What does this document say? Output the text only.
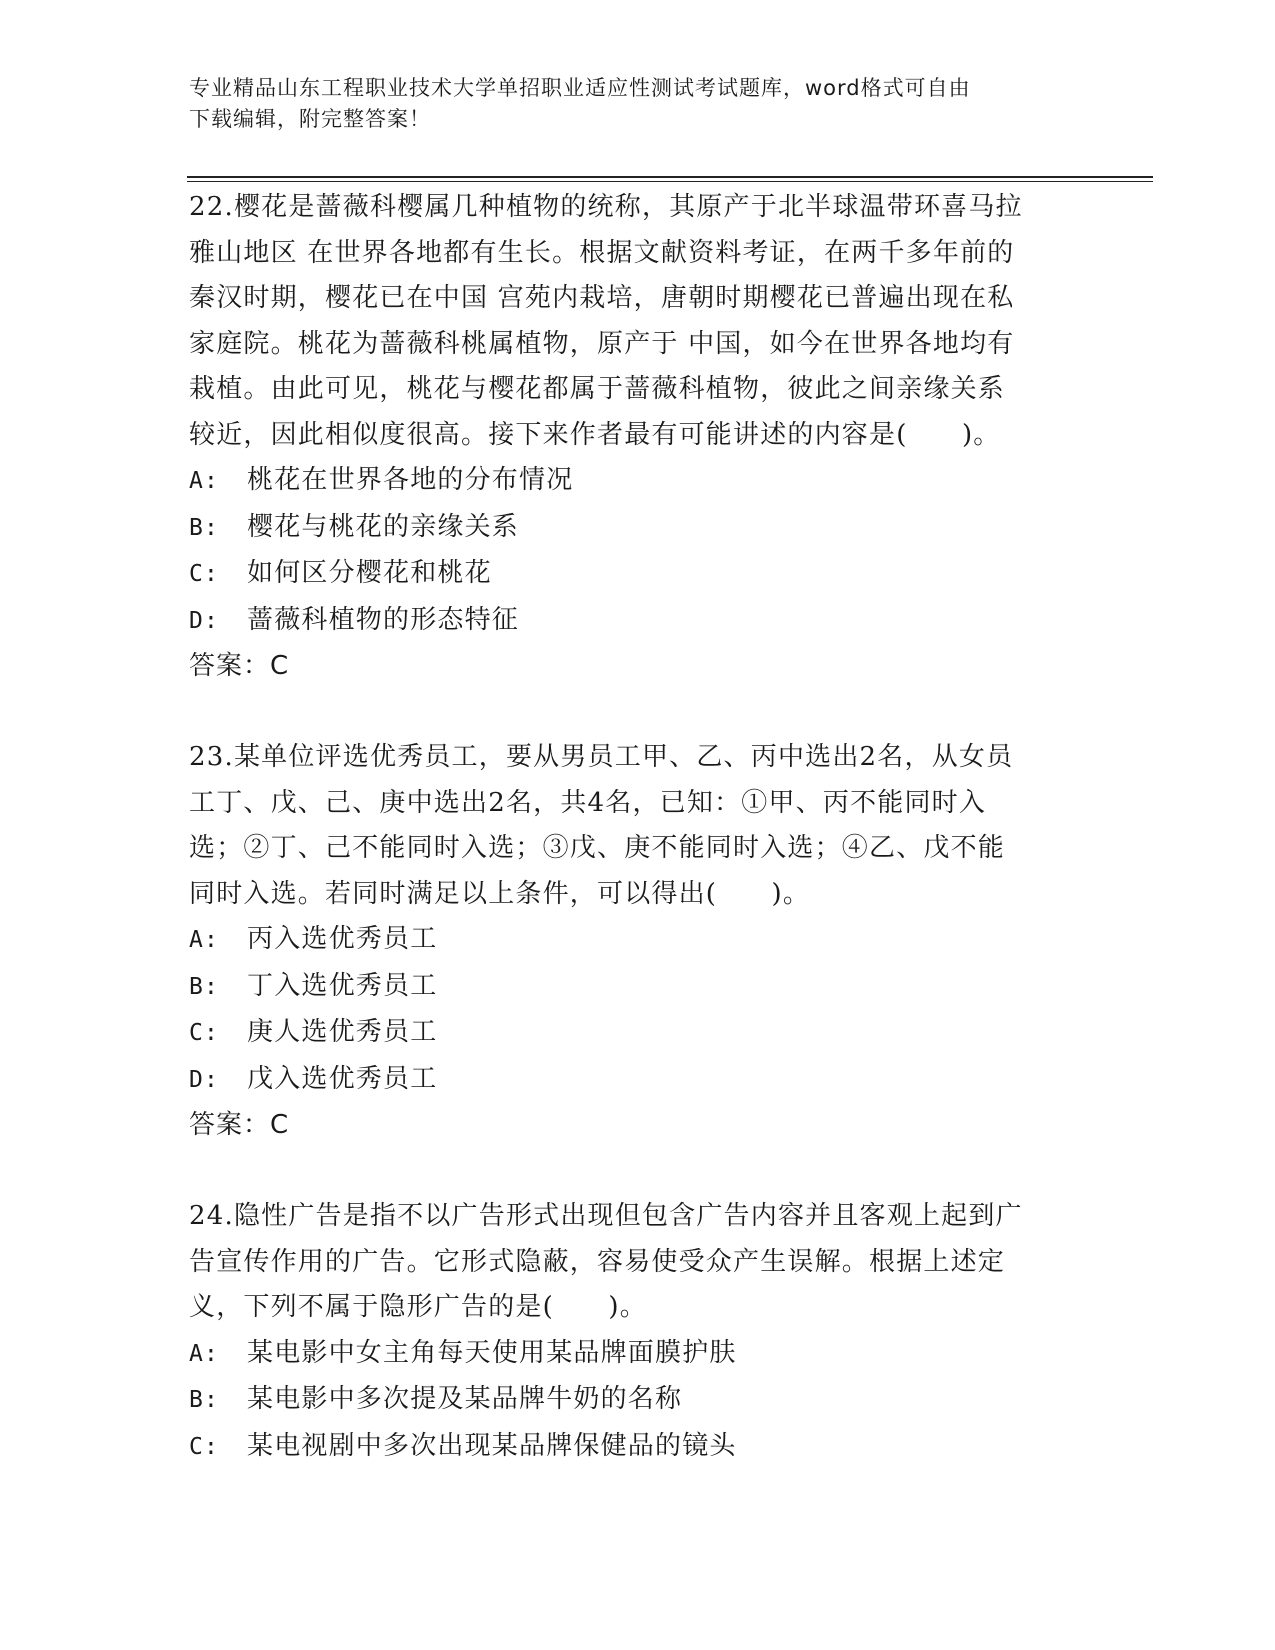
专业精品山东工程职业技术大学单招职业适应性测试考试题库，word格式可自由
下载编辑，附完整答案！
22.樱花是蔷薇科樱属几种植物的统称，其原产于北半球温带环喜马拉
雅山地区 在世界各地都有生长。根据文献资料考证，在两千多年前的
秦汉时期，樱花已在中国 宫苑内栽培，唐朝时期樱花已普遍出现在私
家庭院。桃花为蔷薇科桃属植物，原产于 中国，如今在世界各地均有
栽植。由此可见，桃花与樱花都属于蔷薇科植物，彼此之间亲缘关系
较近，因此相似度很高。接下来作者最有可能讲述的内容是(　　)。
A: 桃花在世界各地的分布情况
B: 樱花与桃花的亲缘关系
C: 如何区分樱花和桃花
D: 蔷薇科植物的形态特征
答案：C
23.某单位评选优秀员工，要从男员工甲、乙、丙中选出2名，从女员
工丁、戊、己、庚中选出2名，共4名，已知：①甲、丙不能同时入
选；②丁、己不能同时入选；③戊、庚不能同时入选；④乙、戊不能
同时入选。若同时满足以上条件，可以得出(　　)。
A: 丙入选优秀员工
B: 丁入选优秀员工
C: 庚人选优秀员工
D: 戊入选优秀员工
答案：C
24.隐性广告是指不以广告形式出现但包含广告内容并且客观上起到广
告宣传作用的广告。它形式隐蔽，容易使受众产生误解。根据上述定
义，下列不属于隐形广告的是(　　)。
A: 某电影中女主角每天使用某品牌面膜护肤
B: 某电影中多次提及某品牌牛奶的名称
C: 某电视剧中多次出现某品牌保健品的镜头
